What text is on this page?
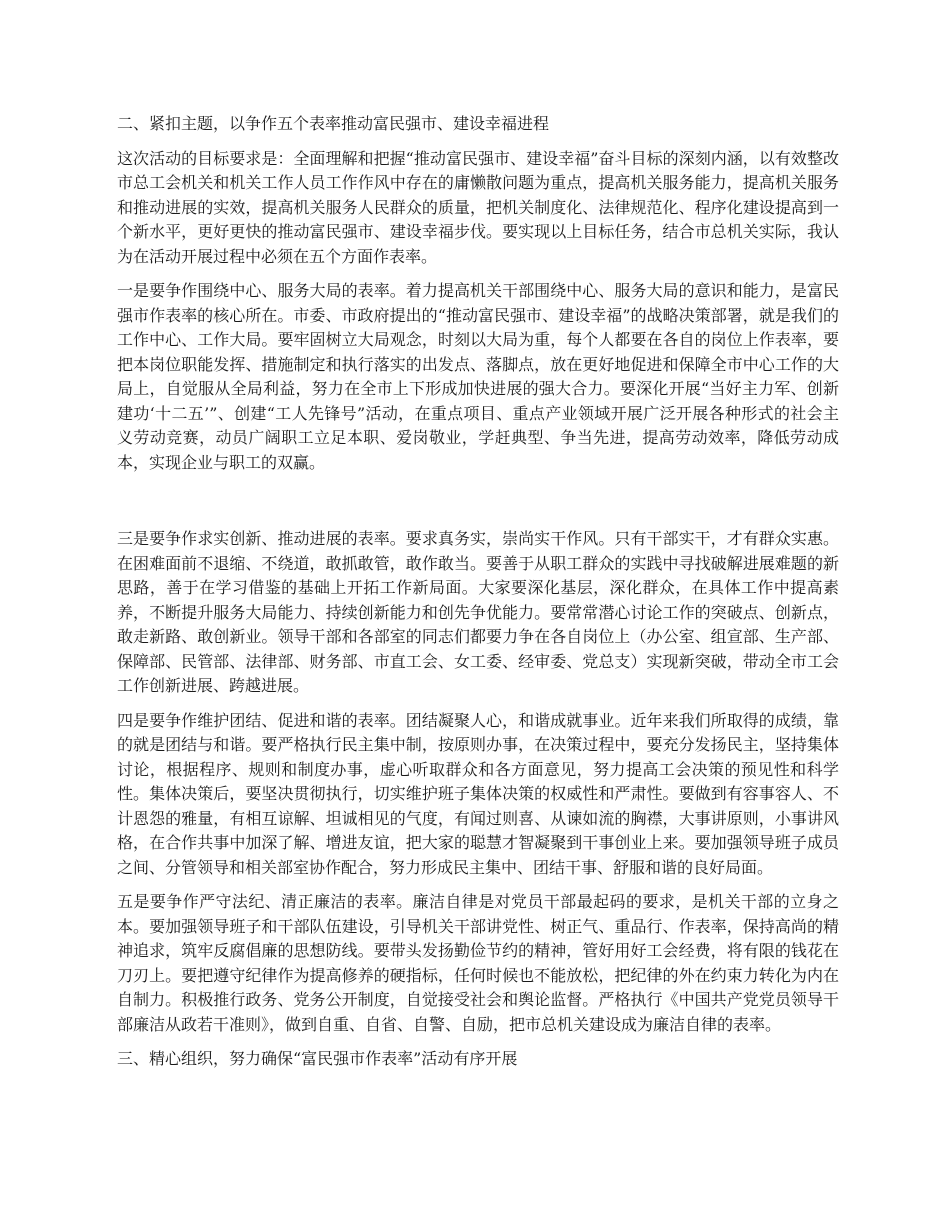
二、紧扣主题，以争作五个表率推动富民强市、建设幸福进程

这次活动的目标要求是：全面理解和把握“推动富民强市、建设幸福”奋斗目标的深刻内涵，以有效整改市总工会机关和机关工作人员工作作风中存在的庸懒散问题为重点，提高机关服务能力，提高机关服务和推动进展的实效，提高机关服务人民群众的质量，把机关制度化、法律规范化、程序化建设提高到一个新水平，更好更快的推动富民强市、建设幸福步伐。要实现以上目标任务，结合市总机关实际，我认为在活动开展过程中必须在五个方面作表率。

一是要争作围绕中心、服务大局的表率。着力提高机关干部围绕中心、服务大局的意识和能力，是富民强市作表率的核心所在。市委、市政府提出的“推动富民强市、建设幸福”的战略决策部署，就是我们的工作中心、工作大局。要牢固树立大局观念，时刻以大局为重，每个人都要在各自的岗位上作表率，要把本岗位职能发挥、措施制定和执行落实的出发点、落脚点，放在更好地促进和保障全市中心工作的大局上，自觉服从全局利益，努力在全市上下形成加快进展的强大合力。要深化开展“当好主力军、创新建功‘十二五’”、创建“工人先锋号”活动，在重点项目、重点产业领域开展广泛开展各种形式的社会主义劳动竞赛，动员广阔职工立足本职、爱岗敬业，学赶典型、争当先进，提高劳动效率，降低劳动成本，实现企业与职工的双赢。

三是要争作求实创新、推动进展的表率。要求真务实，崇尚实干作风。只有干部实干，才有群众实惠。在困难面前不退缩、不绕道，敢抓敢管，敢作敢当。要善于从职工群众的实践中寻找破解进展难题的新思路，善于在学习借鉴的基础上开拓工作新局面。大家要深化基层，深化群众，在具体工作中提高素养，不断提升服务大局能力、持续创新能力和创先争优能力。要常常潜心讨论工作的突破点、创新点，敢走新路、敢创新业。领导干部和各部室的同志们都要力争在各自岗位上（办公室、组宣部、生产部、保障部、民管部、法律部、财务部、市直工会、女工委、经审委、党总支）实现新突破，带动全市工会工作创新进展、跨越进展。

四是要争作维护团结、促进和谐的表率。团结凝聚人心，和谐成就事业。近年来我们所取得的成绩，靠的就是团结与和谐。要严格执行民主集中制，按原则办事，在决策过程中，要充分发扬民主，坚持集体讨论，根据程序、规则和制度办事，虚心听取群众和各方面意见，努力提高工会决策的预见性和科学性。集体决策后，要坚决贯彻执行，切实维护班子集体决策的权威性和严肃性。要做到有容事容人、不计恩怨的雅量，有相互谅解、坦诚相见的气度，有闻过则喜、从谏如流的胸襟，大事讲原则，小事讲风格，在合作共事中加深了解、增进友谊，把大家的聪慧才智凝聚到干事创业上来。要加强领导班子成员之间、分管领导和相关部室协作配合，努力形成民主集中、团结干事、舒服和谐的良好局面。

五是要争作严守法纪、清正廉洁的表率。廉洁自律是对党员干部最起码的要求，是机关干部的立身之本。要加强领导班子和干部队伍建设，引导机关干部讲党性、树正气、重品行、作表率，保持高尚的精神追求，筑牢反腐倡廉的思想防线。要带头发扬勤俭节约的精神，管好用好工会经费，将有限的钱花在刀刃上。要把遵守纪律作为提高修养的硬指标，任何时候也不能放松，把纪律的外在约束力转化为内在自制力。积极推行政务、党务公开制度，自觉接受社会和舆论监督。严格执行《中国共产党党员领导干部廉洁从政若干准则》，做到自重、自省、自警、自励，把市总机关建设成为廉洁自律的表率。

三、精心组织，努力确保“富民强市作表率”活动有序开展
